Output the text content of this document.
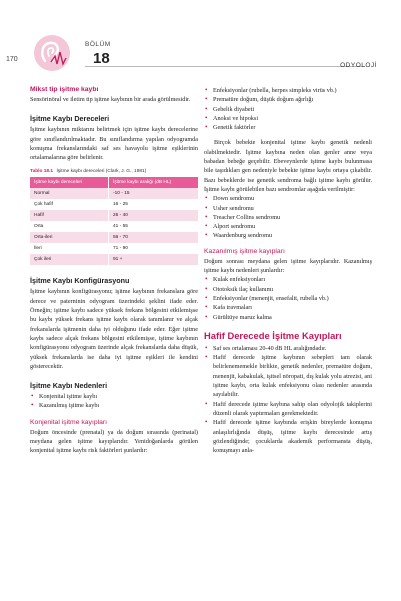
170
BÖLÜM
18	ODYOLOJİ
Mikst tip işitme kaybı

Sensörinöral ve iletim tip işitme kaybının bir arada görülmesidir.

İşitme Kaybı Dereceleri

İşitme kaybının miktarını belirtmek için işitme kaybı derecelerine göre sınıflandırılmaktadır. Bu sınıflandırma yapılan odyogramda konuşma frekanslarındaki saf ses havayolu işitme eşiklerinin ortalamalarına göre belirlenir.

Tablo 18.1 İşitme kaybı dereceleri (Clark, J. G., 1981)
İşitme kaybı dereceleri	İşitme kaybı aralığı (dB HL)
Normal	-10 - 15
Çok hafif	16 - 25
Hafif	26 - 40
Orta	41 - 55
Orta-ileri	56 - 70
İleri	71 - 90
Çok ileri	91 +
İşitme Kaybı Konfigürasyonu

İşitme kaybının konfigürasyonu; işitme kaybının frekanslara göre derece ve paterninin odyogram üzerindeki şeklini ifade eder. Örneğin; işitme kaybı sadece yüksek frekans bölgesini etkilemişse bu kaybı yüksek frekans işitme kaybı olarak tanımlanır ve alçak frekanslarda işitmenin daha iyi olduğunu ifade eder. Eğer işitme kaybı sadece alçak frekans bölgesini etkilemişse, işitme kaybının konfigürasyonu odyogram üzerinde alçak frekanslarda daha düşük, yüksek frekanslarda ise daha iyi işitme eşikleri ile kendini gösterecektir.

İşitme Kaybı Nedenleri
• Konjenital işitme kaybı
• Kazanılmış işitme kaybı
Konjenital işitme kayıpları

Doğum öncesinde (prenatal) ya da doğum sırasında (perinatal) meydana gelen işitme kayıplarıdır. Yenidoğanlarda görülen konjenital işitme kaybı risk faktörleri şunlardır:

• Enfeksiyonlar (rubella, herpes simpleks virüs vb.)
• Prematüre doğum, düşük doğum ağırlığı
• Gebelik diyabeti
• Anoksi ve hipoksi
• Genetik faktörler

Birçok bebekte konjenital işitme kaybı genetik nedenli olabilmektedir. İşitme kaybına neden olan genler anne veya babadan bebeğe geçebilir. Ebeveynlerde işitme kaybı bulunmasa bile taşıdıkları gen nedeniyle bebekte işitme kaybı ortaya çıkabilir. Bazı bebeklerde ise genetik sendroma bağlı işitme kaybı görülür. İşitme kaybı görülebilen bazı sendromlar aşağıda verilmiştir:

• Down sendromu
• Usher sendromu
• Treacher Collins sendromu
• Alport sendromu
• Waardenburg sendromu
Kazanılmış işitme kayıpları

Doğum sonrası meydana gelen işitme kayıplarıdır. Kazanılmış işitme kaybı nedenleri şunlardır:

• Kulak enfeksiyonları
• Ototoksik ilaç kullanımı
• Enfeksiyonlar (menenjit, ensefalit, rubella vb.)
• Kafa travmaları
• Gürültüye maruz kalma
Hafif Derecede İşitme Kayıpları
• Saf ses ortalaması 20-40 dB HL aralığındadır.
• Hafif derecede işitme kaybının sebepleri tam olarak belirlenememekle birlikte, genetik nedenler, prematüre doğum, menenjit, kabakulak, işitsel nöropati, dış kulak yolu atrezisi, ani işitme kaybı, orta kulak enfeksiyonu olası nedenler arasında sayılabilir.
• Hafif derecede işitme kaybına sahip olan odyolojik takiplerini düzenli olarak yaptırmaları gerekmektedir.
• Hafif derecede işitme kaybında erişkin bireylerde konuşma anlaşılırlığında düşüş, işitme kaybı derecesinde artış gözlendiğinde; çocuklarda akademik performansta düşüş, konuşmayı anla-
